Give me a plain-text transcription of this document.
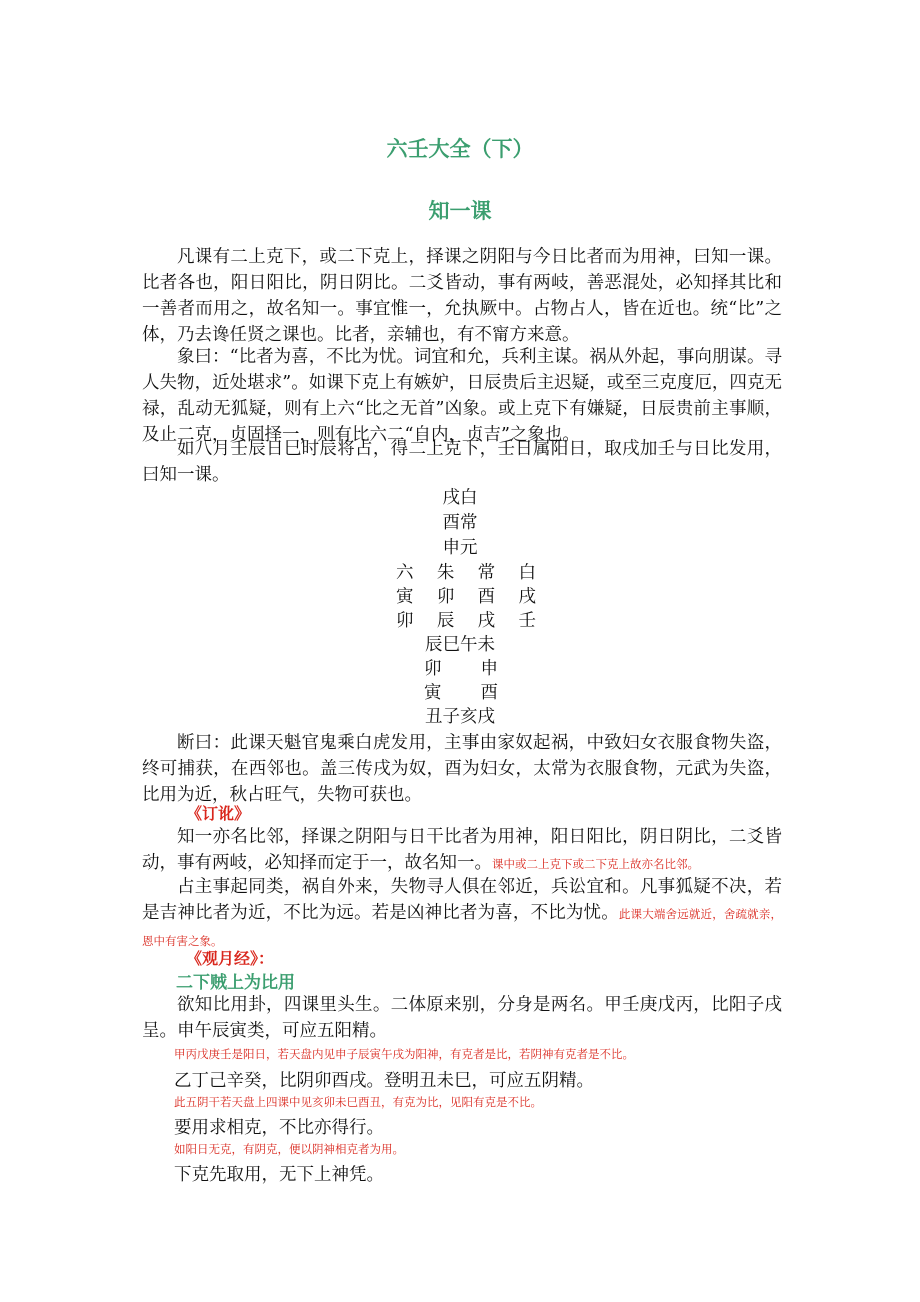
六壬大全（下）
知一课
凡课有二上克下，或二下克上，择课之阴阳与今日比者而为用神，曰知一课。比者各也，阳日阳比，阴日阴比。二爻皆动，事有两岐，善恶混处，必知择其比和一善者而用之，故名知一。事宜惟一，允执厥中。占物占人，皆在近也。统“比”之体，乃去谗任贤之课也。比者，亲辅也，有不甯方来意。
象曰：“比者为喜，不比为忧。词宜和允，兵利主谋。祸从外起，事向朋谋。寻人失物，近处堪求”。如课下克上有嫉妒，日辰贵后主迟疑，或至三克度厄，四克无禄，乱动无狐疑，则有上六“比之无首”凶象。或上克下有嫌疑，日辰贵前主事顺，及止二克，贞固择一，则有比六二“自内，贞吉”之象也。
如八月壬辰日巳时辰将占，得二上克下，壬日属阳日，取戌加壬与日比发用，曰知一课。
戌白
酉常
申元
六 朱 常 白
寅 卯 酉 戌
卯 辰 戌 壬
辰巳午未
卯 申
寅 酉
丑子亥戌
断曰：此课天魁官鬼乘白虎发用，主事由家奴起祸，中致妇女衣服食物失盗，终可捕获，在西邻也。盖三传戌为奴，酉为妇女，太常为衣服食物，元武为失盗，比用为近，秋占旺气，失物可获也。
《订讹》
知一亦名比邻，择课之阴阳与日干比者为用神，阳日阳比，阴日阴比，二爻皆动，事有两岐，必知择而定于一，故名知一。课中或二上克下或二下克上故亦名比邻。
占主事起同类，祸自外来，失物寻人俱在邻近，兵讼宜和。凡事狐疑不决，若是吉神比者为近，不比为远。若是凶神比者为喜，不比为忧。此课大端舍远就近，舍疏就亲，恩中有害之象。
《观月经》：
二下贼上为比用
欲知比用卦，四课里头生。二体原来别，分身是两名。甲壬庚戊丙，比阳子戌呈。申午辰寅类，可应五阳精。
甲丙戊庚壬是阳日，若天盘内见申子辰寅午戌为阳神，有克者是比，若阴神有克者是不比。
乙丁己辛癸，比阴卯酉戌。登明丑未巳，可应五阴精。
此五阴干若天盘上四课中见亥卯未巳酉丑，有克为比，见阳有克是不比。
要用求相克，不比亦得行。
如阳日无克，有阴克，便以阴神相克者为用。
下克先取用，无下上神凭。
